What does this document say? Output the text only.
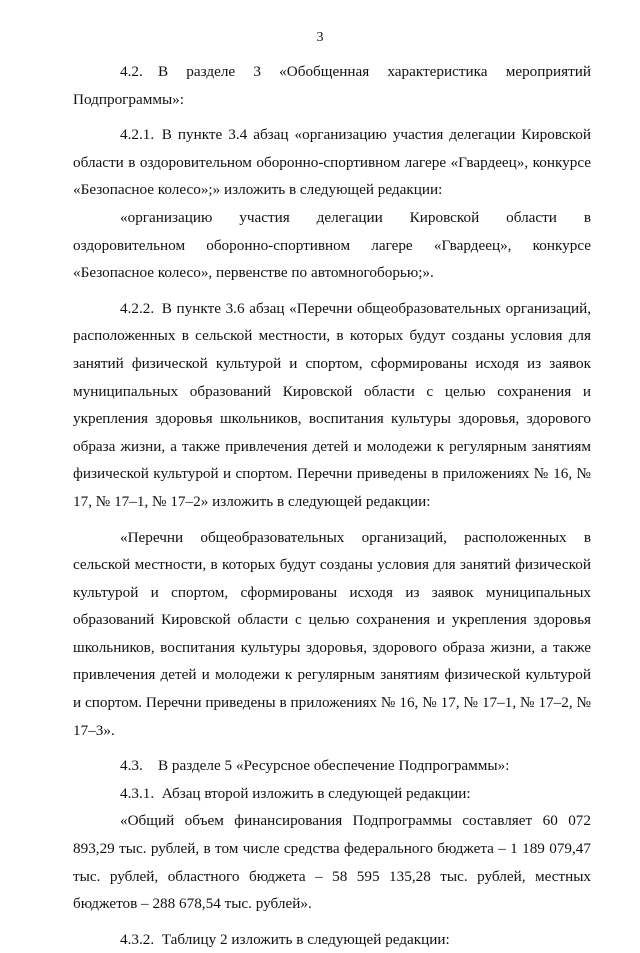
3

4.2. В разделе 3 «Обобщенная характеристика мероприятий Подпрограммы»:

4.2.1. В пункте 3.4 абзац «организацию участия делегации Кировской области в оздоровительном оборонно-спортивном лагере «Гвардеец», конкурсе «Безопасное колесо»;» изложить в следующей редакции:

«организацию участия делегации Кировской области в оздоровительном оборонно-спортивном лагере «Гвардеец», конкурсе «Безопасное колесо», первенстве по автомногоборью;».

4.2.2. В пункте 3.6 абзац «Перечни общеобразовательных организаций, расположенных в сельской местности, в которых будут созданы условия для занятий физической культурой и спортом, сформированы исходя из заявок муниципальных образований Кировской области с целью сохранения и укрепления здоровья школьников, воспитания культуры здоровья, здорового образа жизни, а также привлечения детей и молодежи к регулярным занятиям физической культурой и спортом. Перечни приведены в приложениях № 16, № 17, № 17–1, № 17–2» изложить в следующей редакции:

«Перечни общеобразовательных организаций, расположенных в сельской местности, в которых будут созданы условия для занятий физической культурой и спортом, сформированы исходя из заявок муниципальных образований Кировской области с целью сохранения и укрепления здоровья школьников, воспитания культуры здоровья, здорового образа жизни, а также привлечения детей и молодежи к регулярным занятиям физической культурой и спортом. Перечни приведены в приложениях № 16, № 17, № 17–1, № 17–2, № 17–3».

4.3. В разделе 5 «Ресурсное обеспечение Подпрограммы»:

4.3.1. Абзац второй изложить в следующей редакции:

«Общий объем финансирования Подпрограммы составляет 60 072 893,29 тыс. рублей, в том числе средства федерального бюджета – 1 189 079,47 тыс. рублей, областного бюджета – 58 595 135,28 тыс. рублей, местных бюджетов – 288 678,54 тыс. рублей».

4.3.2. Таблицу 2 изложить в следующей редакции:
